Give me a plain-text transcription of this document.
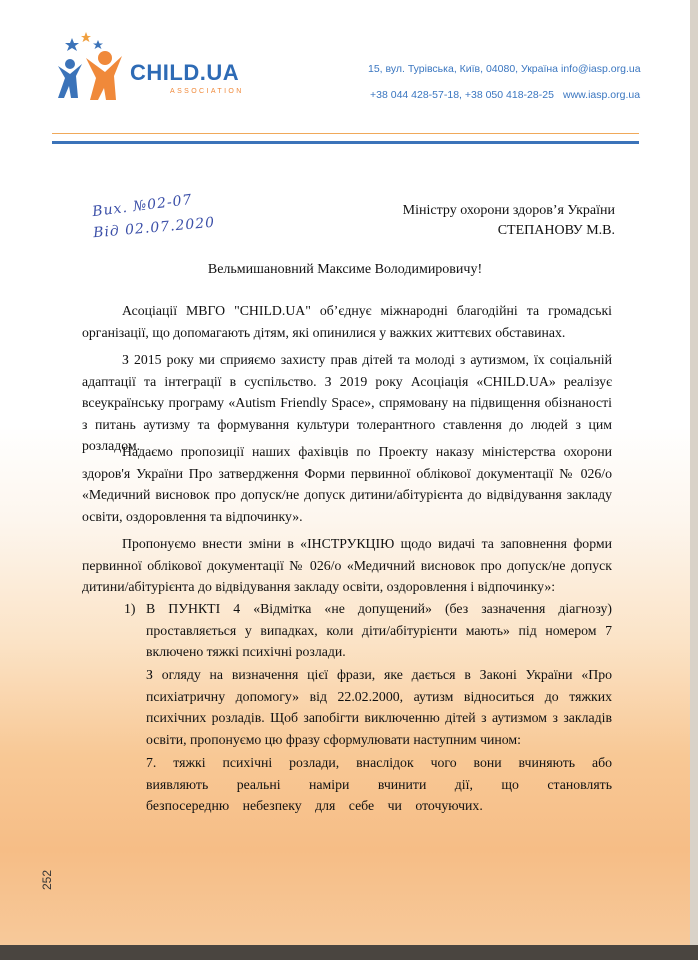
CHILD.UA
ASSOCIATION
15, вул. Турівська, Київ, 04080, Україна info@iasp.org.ua
+38 044 428-57-18, +38 050 418-28-25 www.iasp.org.ua
Вих. №02-07
Від 02.07.2020
Міністру охорони здоров’я України
СТЕПАНОВУ М.В.
Вельмишановний Максиме Володимировичу!
Асоціації МВГО "CHILD.UA" об’єднує міжнародні благодійні та громадські організації, що допомагають дітям, які опинилися у важких життєвих обставинах.
З 2015 року ми сприяємо захисту прав дітей та молоді з аутизмом, їх соціальній адаптації та інтеграції в суспільство. З 2019 року Асоціація «CHILD.UA» реалізує всеукраїнську програму «Autism Friendly Space», спрямовану на підвищення обізнаності з питань аутизму та формування культури толерантного ставлення до людей з цим розладом.
Надаємо пропозиції наших фахівців по Проекту наказу міністерства охорони здоров'я України Про затвердження Форми первинної облікової документації № 026/о «Медичний висновок про допуск/не допуск дитини/абітурієнта до відвідування закладу освіти, оздоровлення та відпочинку».
Пропонуємо внести зміни в «ІНСТРУКЦІЮ щодо видачі та заповнення форми первинної облікової документації № 026/о «Медичний висновок про допуск/не допуск дитини/абітурієнта до відвідування закладу освіти, оздоровлення і відпочинку»:
1) В ПУНКТІ 4 «Відмітка «не допущений» (без зазначення діагнозу) проставляється у випадках, коли діти/абітурієнти мають» під номером 7 включено тяжкі психічні розлади.
З огляду на визначення цієї фрази, яке дається в Законі України «Про психіатричну допомогу» від 22.02.2000, аутизм відноситься до тяжких психічних розладів. Щоб запобігти виключенню дітей з аутизмом з закладів освіти, пропонуємо цю фразу сформулювати наступним чином:
7. тяжкі психічні розлади, внаслідок чого вони вчиняють або виявляють реальні наміри вчинити дії, що становлять безпосередню небезпеку для себе чи оточуючих.
252
